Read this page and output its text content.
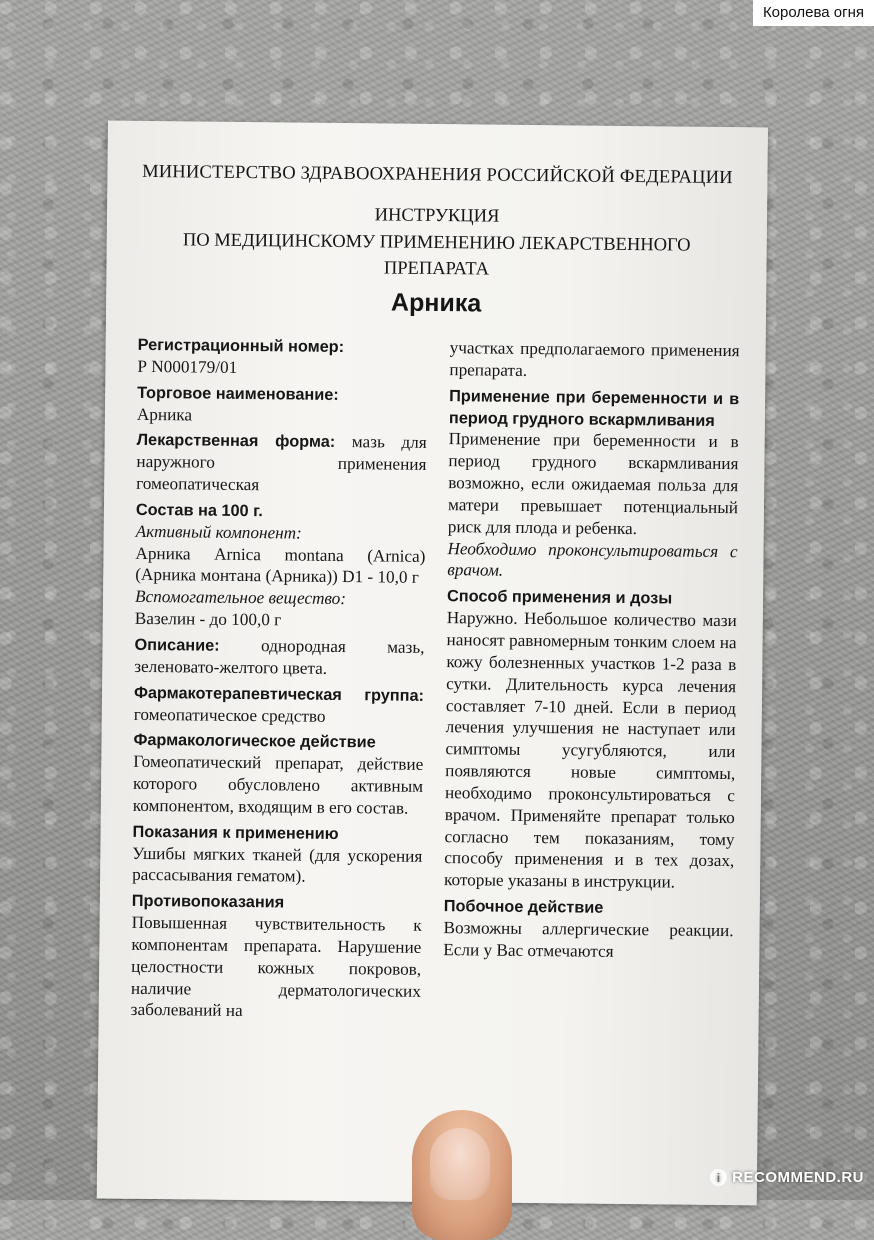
Королева огня
МИНИСТЕРСТВО ЗДРАВООХРАНЕНИЯ РОССИЙСКОЙ ФЕДЕРАЦИИ
ИНСТРУКЦИЯ
ПО МЕДИЦИНСКОМУ ПРИМЕНЕНИЮ ЛЕКАРСТВЕННОГО
ПРЕПАРАТА
Арника

Регистрационный номер:
Р N000179/01

Торговое наименование:
Арника

Лекарственная форма: мазь для наружного применения гомеопатическая

Состав на 100 г.
Активный компонент:
Арника Arnica montana (Arnica) (Арника монтана (Арника)) D1 - 10,0 г
Вспомогательное вещество:
Вазелин - до 100,0 г

Описание: однородная мазь, зеленовато-желтого цвета.

Фармакотерапевтическая группа: гомеопатическое средство

Фармакологическое действие
Гомеопатический препарат, действие которого обусловлено активным компонентом, входящим в его состав.

Показания к применению
Ушибы мягких тканей (для ускорения рассасывания гематом).

Противопоказания
Повышенная чувствительность к компонентам препарата. Нарушение целостности кожных покровов, наличие дерматологических заболеваний на

участках предполагаемого применения препарата.

Применение при беременности и в период грудного вскармливания
Применение при беременности и в период грудного вскармливания возможно, если ожидаемая польза для матери превышает потенциальный риск для плода и ребенка.
Необходимо проконсультироваться с врачом.

Способ применения и дозы
Наружно. Небольшое количество мази наносят равномерным тонким слоем на кожу болезненных участков 1-2 раза в сутки. Длительность курса лечения составляет 7-10 дней. Если в период лечения улучшения не наступает или симптомы усугубляются, или появляются новые симптомы, необходимо проконсультироваться с врачом. Применяйте препарат только согласно тем показаниям, тому способу применения и в тех дозах, которые указаны в инструкции.

Побочное действие
Возможны аллергические реакции. Если у Вас отмечаются

i RECOMMEND.RU
